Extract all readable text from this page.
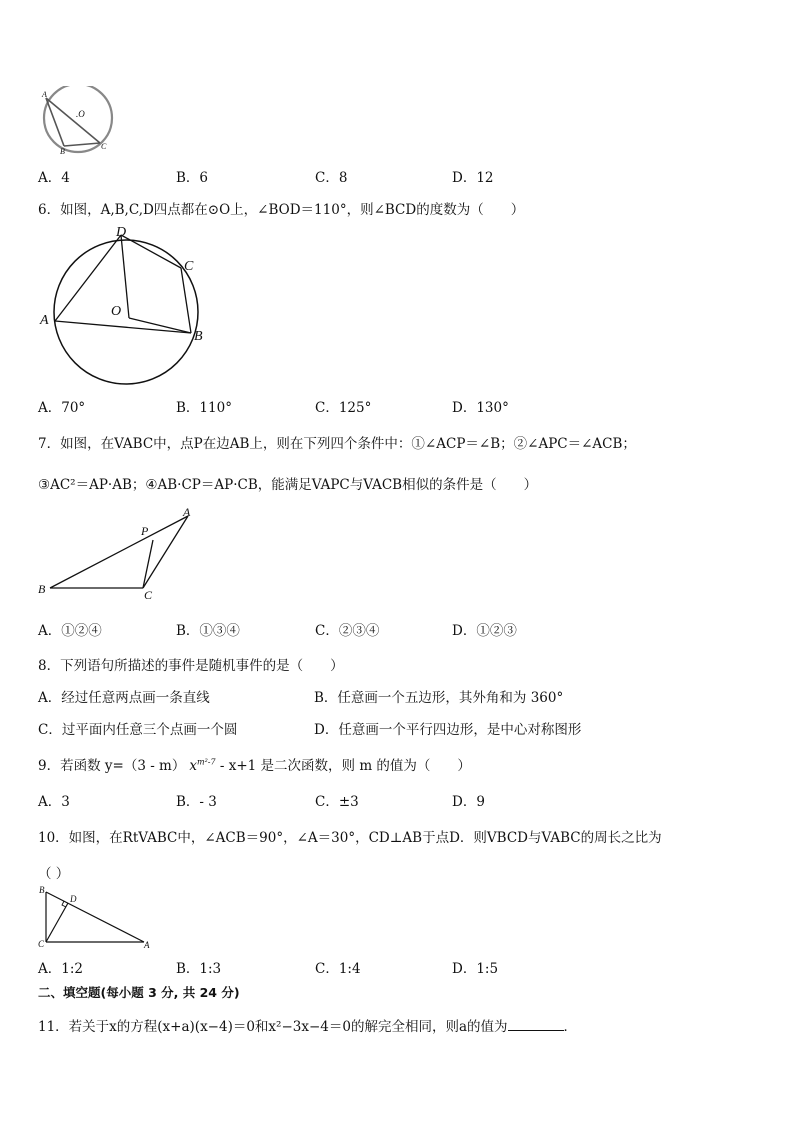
A
.O
B
C
A．4	B．6	C．8	D．12
6．如图，A,B,C,D四点都在⊙O上，∠BOD＝110°，则∠BCD的度数为（　　）
D
C
O
A
B
A．70°	B．110°	C．125°	D．130°
7．如图，在VABC中，点P在边AB上，则在下列四个条件中：①∠ACP＝∠B；②∠APC＝∠ACB；
③AC²＝AP·AB；④AB·CP＝AP·CB，能满足VAPC与VACB相似的条件是（　　）
A
P
B	C
A．①②④	B．①③④	C．②③④	D．①②③
8．下列语句所描述的事件是随机事件的是（　　）
A．经过任意两点画一条直线	B．任意画一个五边形，其外角和为 360°
C．过平面内任意三个点画一个圆	D．任意画一个平行四边形，是中心对称图形
9．若函数 y=（3 - m） $x^{m^2-7} - x+1$ 是二次函数，则 m 的值为（　　）
A．3	B．- 3	C．±3	D．9
10．如图，在RtVABC中，∠ACB＝90°，∠A＝30°，CD⊥AB于点D．则VBCD与VABC的周长之比为
（ ）
B
D
C	A
A．1:2	B．1:3	C．1:4	D．1:5
二、填空题(每小题 3 分, 共 24 分)
11．若关于x的方程(x+a)(x−4)＝0和x²−3x−4＝0的解完全相同，则a的值为	．
